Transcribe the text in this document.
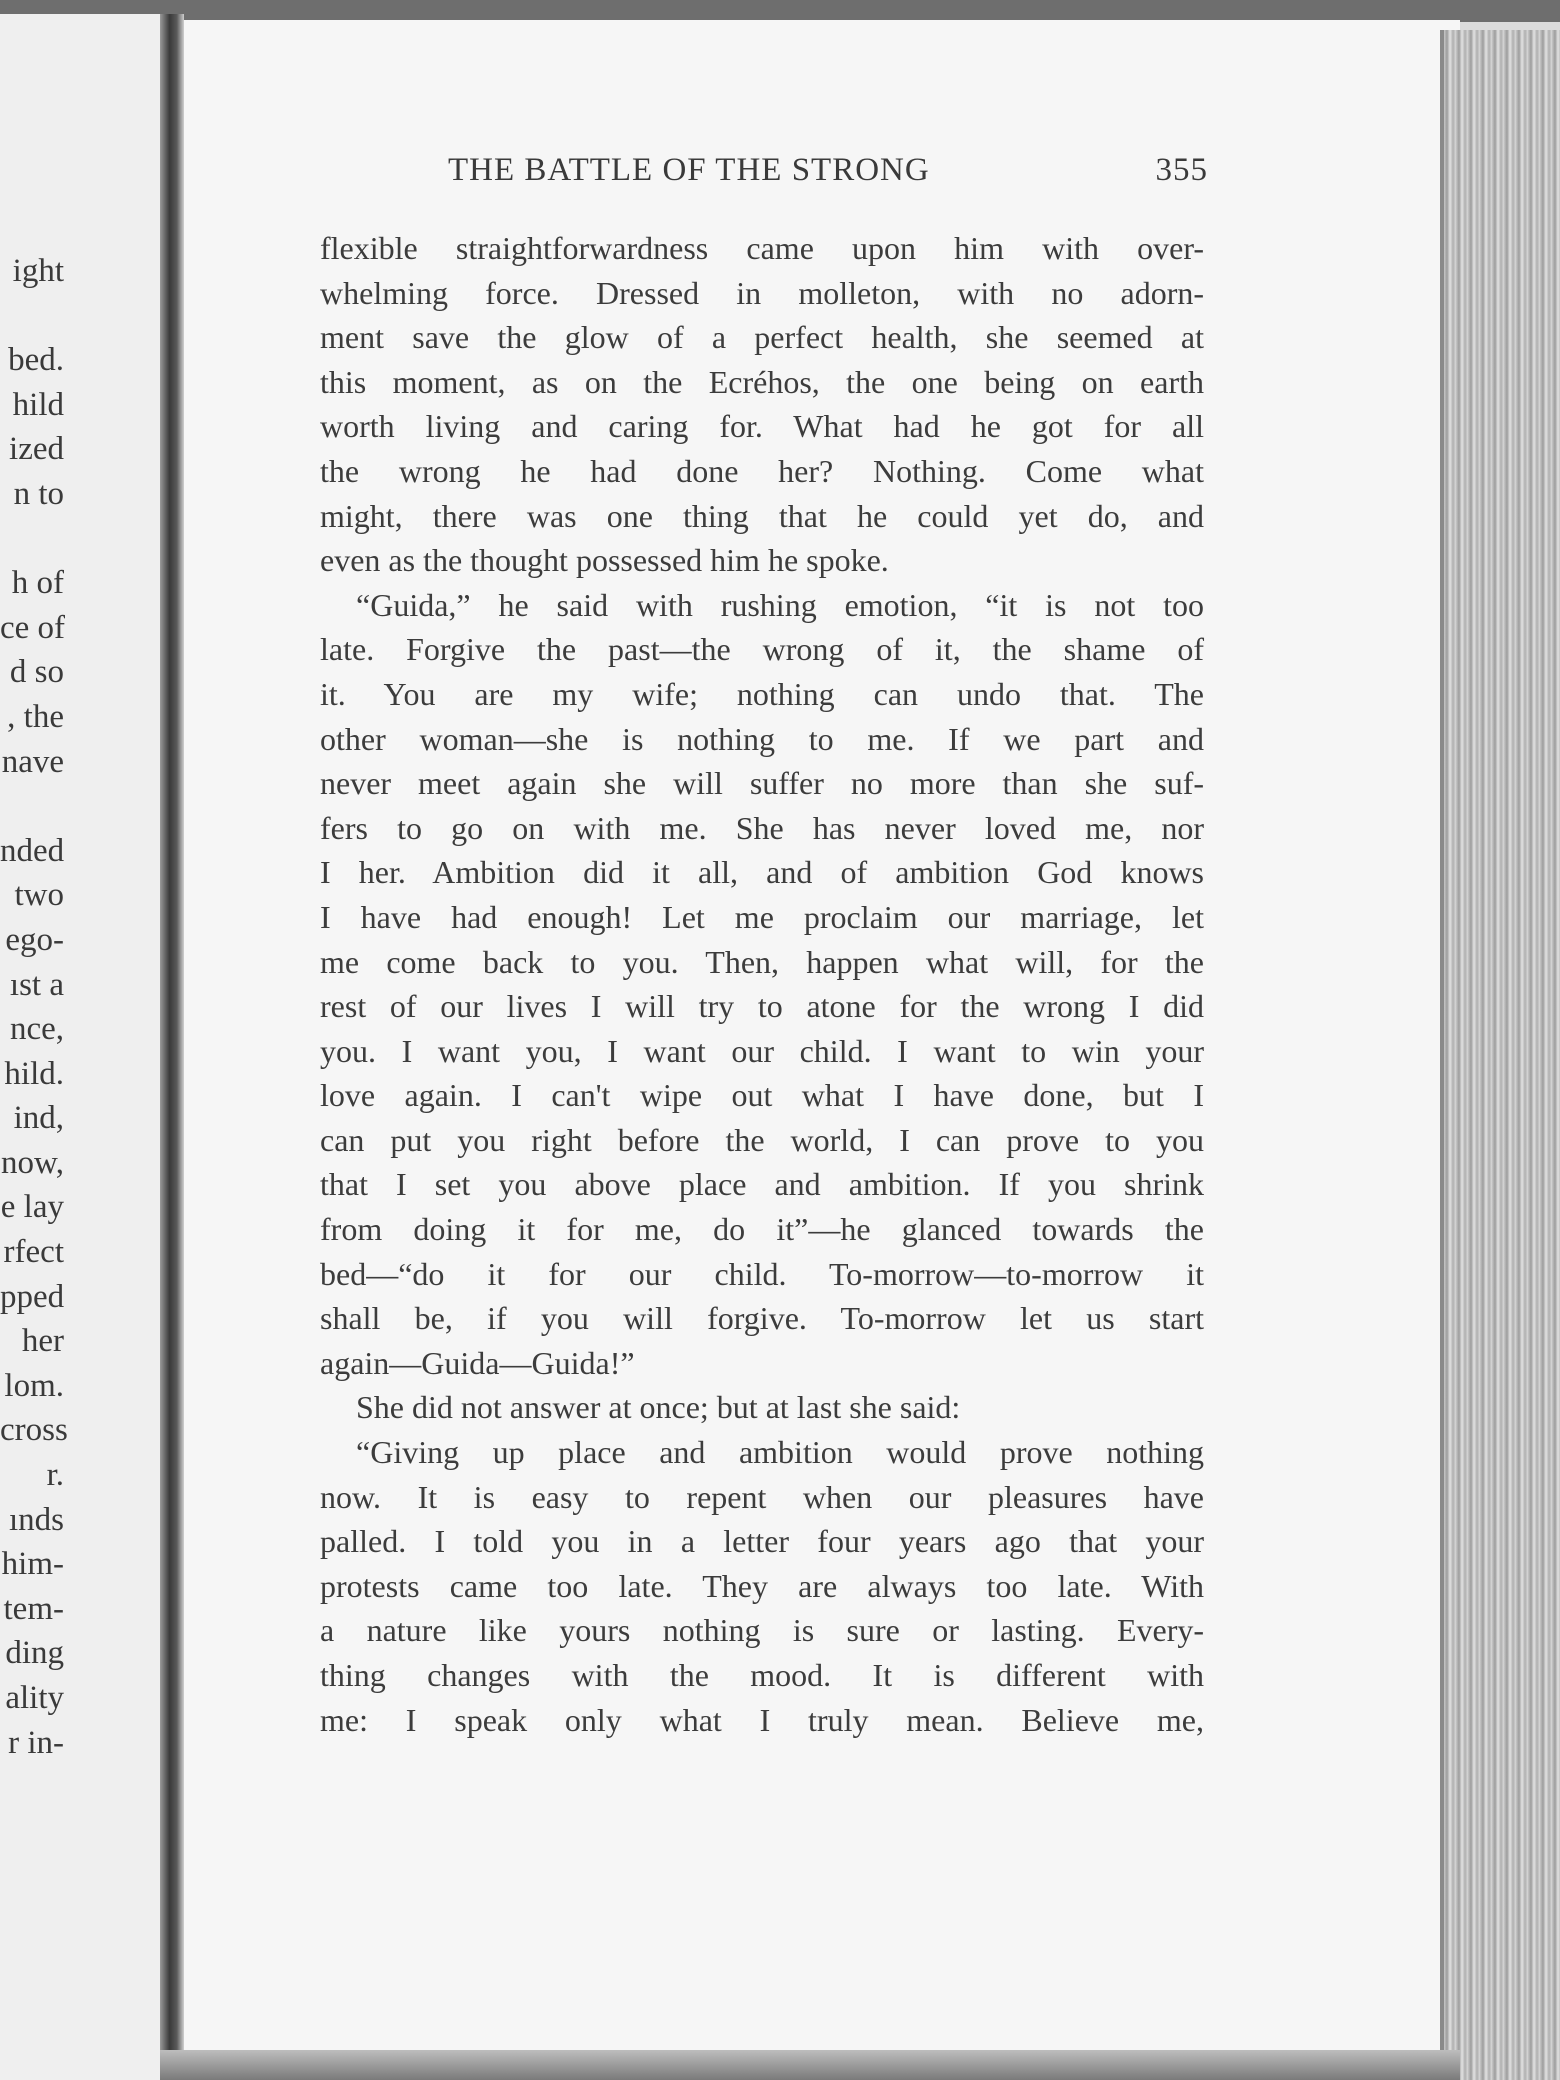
ight
bed.
hild
ized
n to
h of
ce of
d so
, the
nave
nded
two
ego-
ıst a
nce,
hild.
ind,
now,
e lay
rfect
pped
her
lom.
cross
r.
ınds
him-
tem-
ding
ality
r in-
THE BATTLE OF THE STRONG	355
flexible straightforwardness came upon him with over-
whelming force. Dressed in molleton, with no adorn-
ment save the glow of a perfect health, she seemed at
this moment, as on the Ecréhos, the one being on earth
worth living and caring for. What had he got for all
the wrong he had done her? Nothing. Come what
might, there was one thing that he could yet do, and
even as the thought possessed him he spoke.
“Guida,” he said with rushing emotion, “it is not too
late. Forgive the past—the wrong of it, the shame of
it. You are my wife; nothing can undo that. The
other woman—she is nothing to me. If we part and
never meet again she will suffer no more than she suf-
fers to go on with me. She has never loved me, nor
I her. Ambition did it all, and of ambition God knows
I have had enough! Let me proclaim our marriage, let
me come back to you. Then, happen what will, for the
rest of our lives I will try to atone for the wrong I did
you. I want you, I want our child. I want to win your
love again. I can't wipe out what I have done, but I
can put you right before the world, I can prove to you
that I set you above place and ambition. If you shrink
from doing it for me, do it”—he glanced towards the
bed—“do it for our child. To-morrow—to-morrow it
shall be, if you will forgive. To-morrow let us start
again—Guida—Guida!”
She did not answer at once; but at last she said:
“Giving up place and ambition would prove nothing
now. It is easy to repent when our pleasures have
palled. I told you in a letter four years ago that your
protests came too late. They are always too late. With
a nature like yours nothing is sure or lasting. Every-
thing changes with the mood. It is different with
me: I speak only what I truly mean. Believe me,
